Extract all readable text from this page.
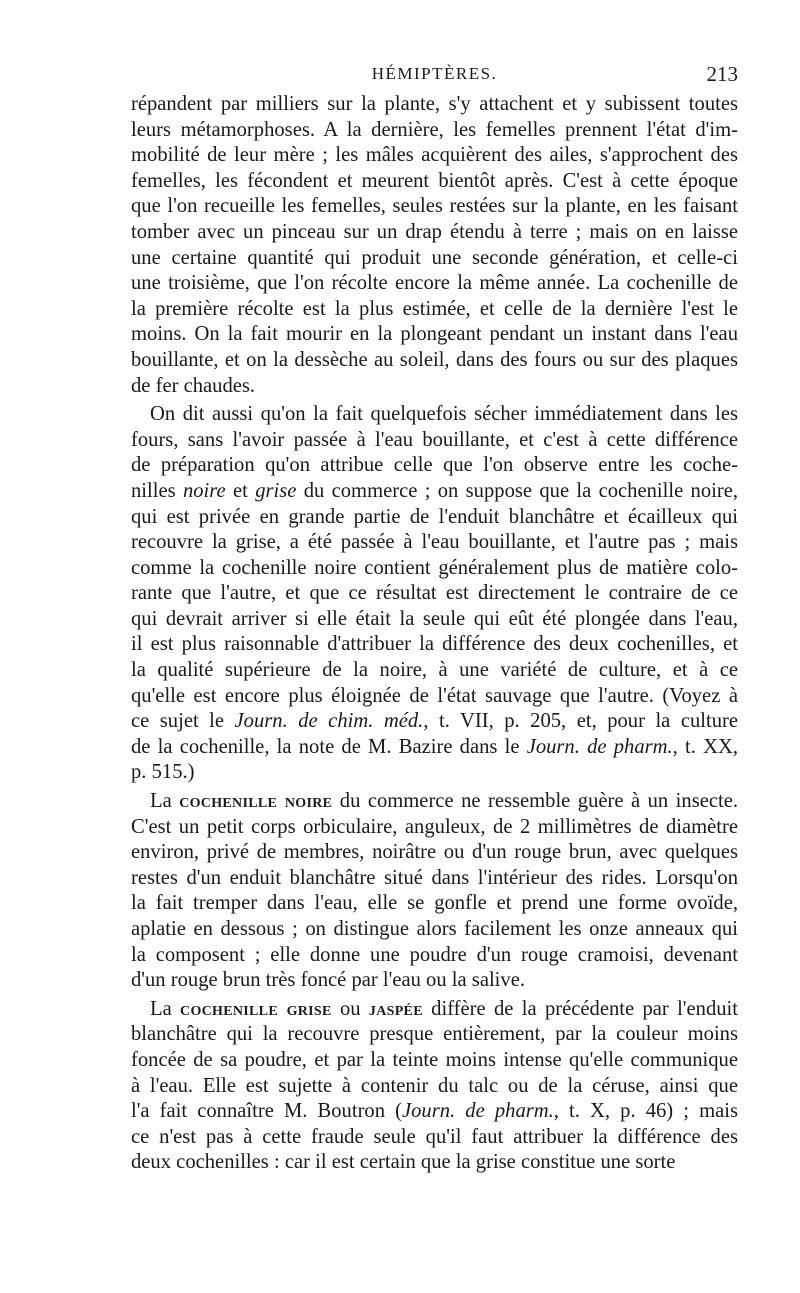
HÉMIPTÈRES.	213
répandent par milliers sur la plante, s'y attachent et y subissent toutes
leurs métamorphoses. A la dernière, les femelles prennent l'état d'im-
mobilité de leur mère ; les mâles acquièrent des ailes, s'approchent des
femelles, les fécondent et meurent bientôt après. C'est à cette époque
que l'on recueille les femelles, seules restées sur la plante, en les faisant
tomber avec un pinceau sur un drap étendu à terre ; mais on en laisse
une certaine quantité qui produit une seconde génération, et celle-ci
une troisième, que l'on récolte encore la même année. La cochenille de
la première récolte est la plus estimée, et celle de la dernière l'est le
moins. On la fait mourir en la plongeant pendant un instant dans l'eau
bouillante, et on la dessèche au soleil, dans des fours ou sur des plaques
de fer chaudes.
On dit aussi qu'on la fait quelquefois sécher immédiatement dans les
fours, sans l'avoir passée à l'eau bouillante, et c'est à cette différence
de préparation qu'on attribue celle que l'on observe entre les coche-
nilles noire et grise du commerce ; on suppose que la cochenille noire,
qui est privée en grande partie de l'enduit blanchâtre et écailleux qui
recouvre la grise, a été passée à l'eau bouillante, et l'autre pas ; mais
comme la cochenille noire contient généralement plus de matière colo-
rante que l'autre, et que ce résultat est directement le contraire de ce
qui devrait arriver si elle était la seule qui eût été plongée dans l'eau,
il est plus raisonnable d'attribuer la différence des deux cochenilles, et
la qualité supérieure de la noire, à une variété de culture, et à ce
qu'elle est encore plus éloignée de l'état sauvage que l'autre. (Voyez à
ce sujet le Journ. de chim. méd., t. VII, p. 205, et, pour la culture
de la cochenille, la note de M. Bazire dans le Journ. de pharm., t. XX,
p. 515.)
La cochenille noire du commerce ne ressemble guère à un insecte.
C'est un petit corps orbiculaire, anguleux, de 2 millimètres de diamètre
environ, privé de membres, noirâtre ou d'un rouge brun, avec quelques
restes d'un enduit blanchâtre situé dans l'intérieur des rides. Lorsqu'on
la fait tremper dans l'eau, elle se gonfle et prend une forme ovoïde,
aplatie en dessous ; on distingue alors facilement les onze anneaux qui
la composent ; elle donne une poudre d'un rouge cramoisi, devenant
d'un rouge brun très foncé par l'eau ou la salive.
La cochenille grise ou jaspée diffère de la précédente par l'enduit
blanchâtre qui la recouvre presque entièrement, par la couleur moins
foncée de sa poudre, et par la teinte moins intense qu'elle communique
à l'eau. Elle est sujette à contenir du talc ou de la céruse, ainsi que
l'a fait connaître M. Boutron (Journ. de pharm., t. X, p. 46) ; mais
ce n'est pas à cette fraude seule qu'il faut attribuer la différence des
deux cochenilles : car il est certain que la grise constitue une sorte
